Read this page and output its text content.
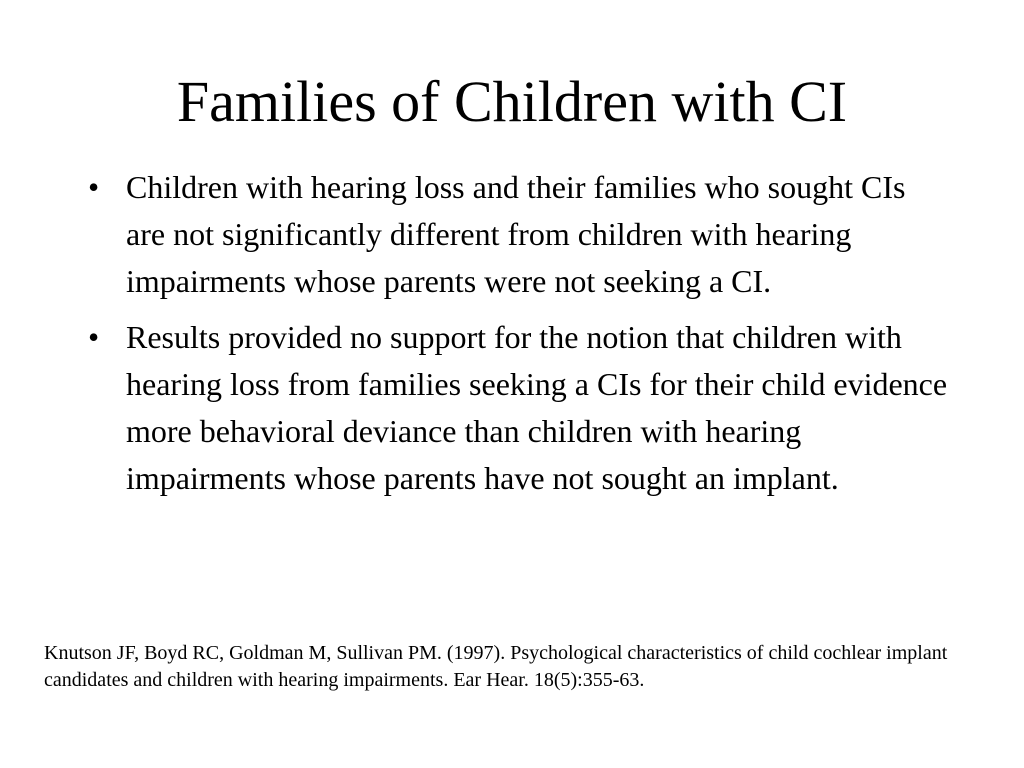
Families of Children with CI
• Children with hearing loss and their families who sought CIs are not significantly different from children with hearing impairments whose parents were not seeking a CI.
• Results provided no support for the notion that children with hearing loss from families seeking a CIs for their child evidence more behavioral deviance than children with hearing impairments whose parents have not sought an implant.

Knutson JF, Boyd RC, Goldman M, Sullivan PM. (1997). Psychological characteristics of child cochlear implant candidates and children with hearing impairments. Ear Hear. 18(5):355-63.
